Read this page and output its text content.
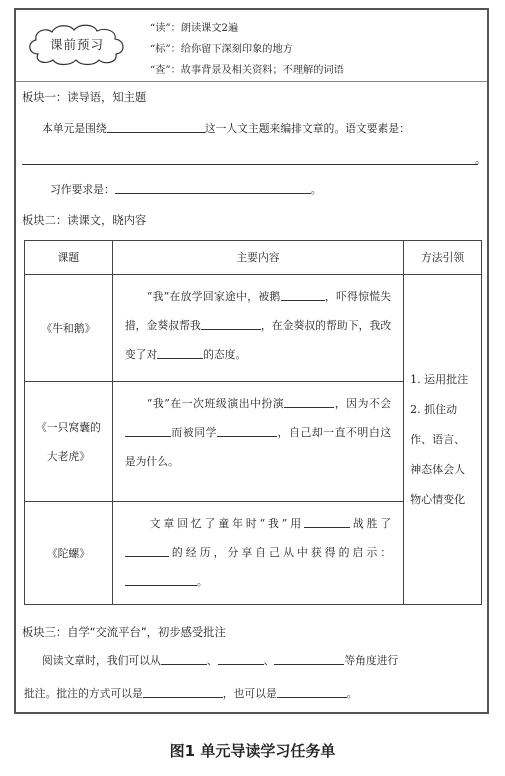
课前预习
“读”：朗读课文2遍
“标”：给你留下深刻印象的地方
“查”：故事背景及相关资料；不理解的词语
板块一：读导语，知主题
本单元是围绕	这一人文主题来编排文章的。语文要素是：
。
习作要求是：	。
板块二：读课文，晓内容
课题	主要内容	方法引领
《牛和鹅》	“我”在放学回家途中，被鹅 ，吓得惊慌失措，金葵叔帮我 ，在金葵叔的帮助下，我改变了对 的态度。	1. 运用批注
2. 抓住动作、语言、神态体会人物心情变化

《一只窝囊的大老虎》	“我”在一次班级演出中扮演 ，因为不会而被同学 ，自己却一直不明白这是为什么。	
《陀螺》	文章回忆了童年时“我”用 战胜了 的经历，分享自己从中获得的启示：。	
板块三：自学“交流平台”，初步感受批注
阅读文章时，我们可以从	、	、	等角度进行
批注。批注的方式可以是	，也可以是	。
图1 单元导读学习任务单
